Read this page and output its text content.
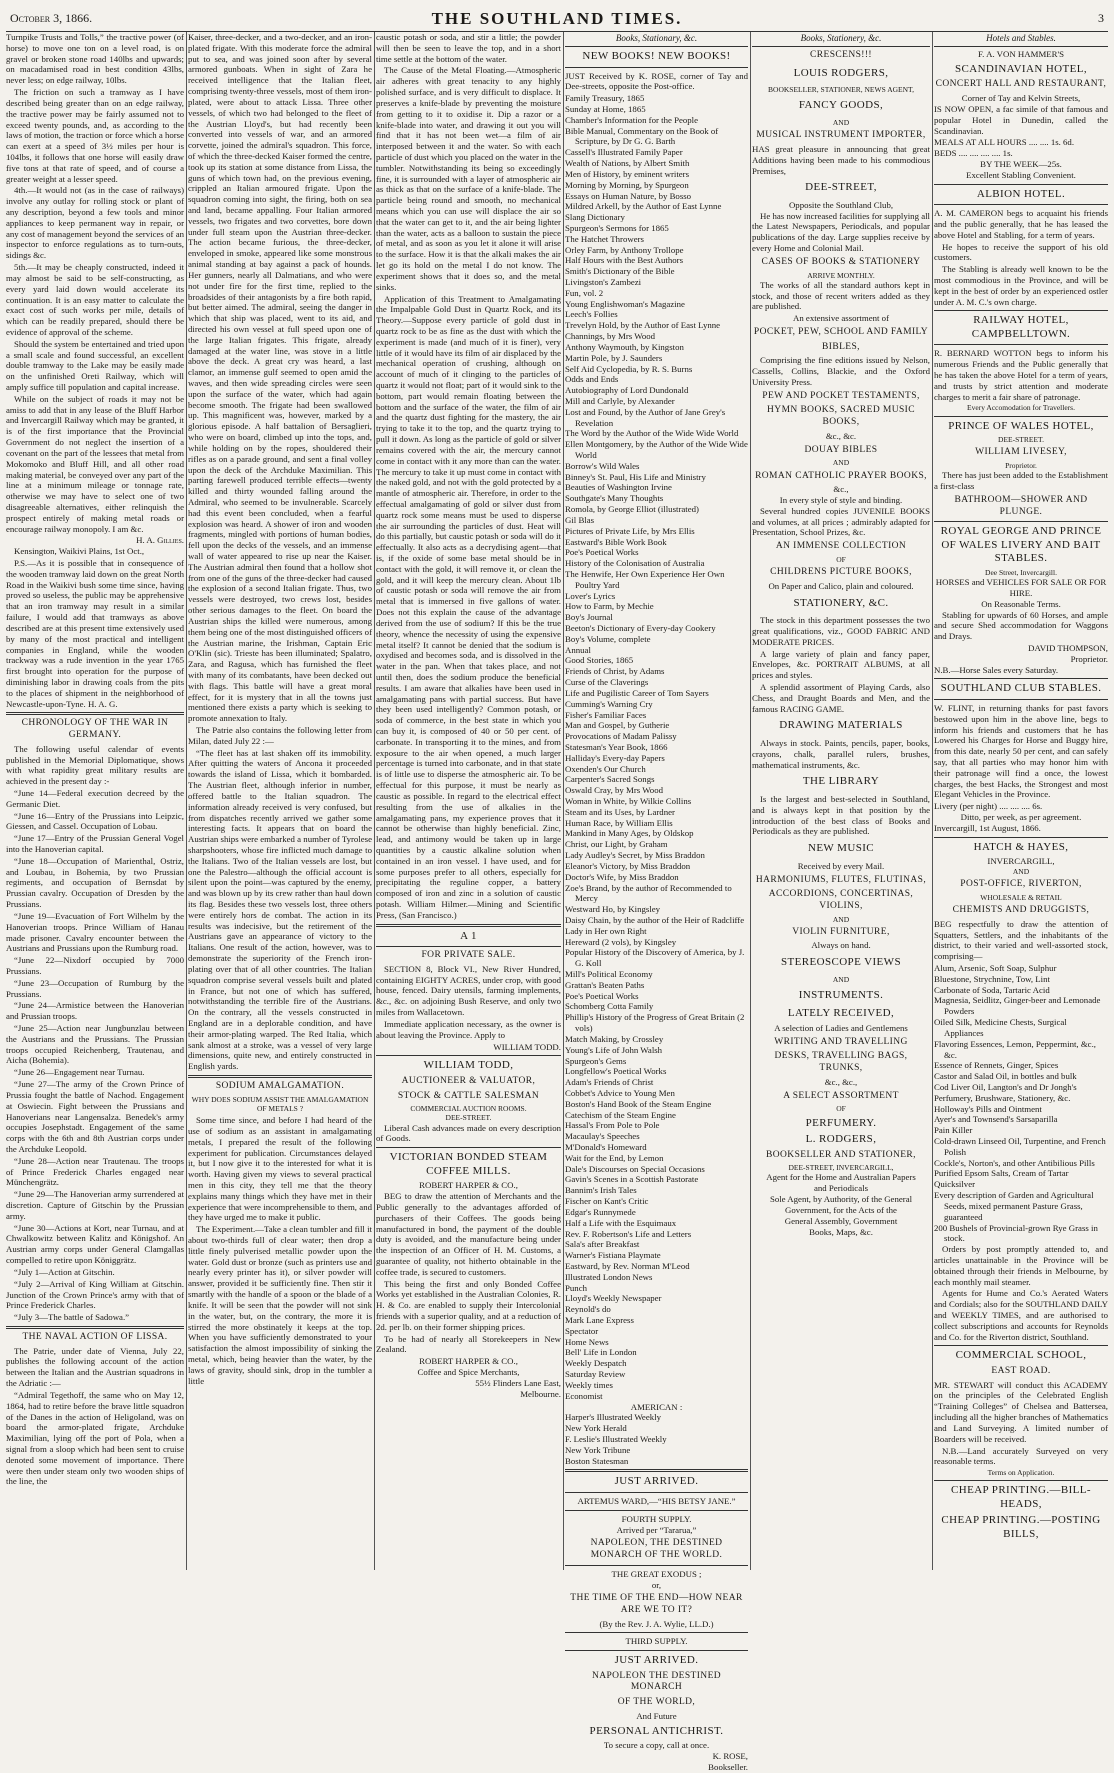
October 3, 1866.	THE SOUTHLAND TIMES.	3

Turnpike Trusts and Tolls,” the tractive power (of horse) to move one ton on a level road, is on gravel or broken stone road 140lbs and upwards; on macadamised road in best condition 43lbs, never less; on edge railway, 10lbs.

The friction on such a tramway as I have described being greater than on an edge railway, the tractive power may be fairly assumed not to exceed twenty pounds, and, as according to the laws of motion, the traction or force which a horse can exert at a speed of 3½ miles per hour is 104lbs, it follows that one horse will easily draw five tons at that rate of speed, and of course a greater weight at a lesser speed.

4th.—It would not (as in the case of railways) involve any outlay for rolling stock or plant of any description, beyond a few tools and minor appliances to keep permanent way in repair, or any cost of management beyond the services of an inspector to enforce regulations as to turn-outs, sidings &c.

5th.—It may be cheaply constructed, indeed it may almost be said to be self-constructing, as every yard laid down would accelerate its continuation. It is an easy matter to calculate the exact cost of such works per mile, details of which can be readily prepared, should there be evidence of approval of the scheme.

Should the system be entertained and tried upon a small scale and found successful, an excellent double tramway to the Lake may be easily made on the unfinished Oreti Railway, which will amply suffice till population and capital increase.

While on the subject of roads it may not be amiss to add that in any lease of the Bluff Harbor and Invercargill Railway which may be granted, it is of the first importance that the Provincial Government do not neglect the insertion of a covenant on the part of the lessees that metal from Mokomoko and Bluff Hill, and all other road making material, be conveyed over any part of the line at a minimum mileage or tonnage rate, otherwise we may have to select one of two disagreeable alternatives, either relinquish the prospect entirely of making metal roads or encourage railway monopoly. I am &c.

H. A. Gillies.

Kensington, Waikivi Plains, 1st Oct.,

P.S.—As it is possible that in consequence of the wooden tramway laid down on the great North Road in the Waikivi bush some time since, having proved so useless, the public may be apprehensive that an iron tramway may result in a similar failure, I would add that tramways as above described are at this present time extensively used by many of the most practical and intelligent companies in England, while the wooden trackway was a rude invention in the year 1765 first brought into operation for the purpose of diminishing labor in drawing coals from the pits to the places of shipment in the neighborhood of Newcastle-upon-Tyne. H. A. G.

CHRONOLOGY OF THE WAR IN GERMANY.

The following useful calendar of events published in the Memorial Diplomatique, shows with what rapidity great military results are achieved in the present day :-

“June 14—Federal execution decreed by the Germanic Diet.

“June 16—Entry of the Prussians into Leipzic, Giessen, and Cassel. Occupation of Lobau.

“June 17—Entry of the Prussian General Vogel into the Hanoverian capital.

“June 18—Occupation of Marienthal, Ostriz, and Loubau, in Bohemia, by two Prussian regiments, and occupation of Bernsdat by Prussian cavalry. Occupation of Dresden by the Prussians.

“June 19—Evacuation of Fort Wilhelm by the Hanoverian troops. Prince William of Hanau made prisoner. Cavalry encounter between the Austrians and Prussians upon the Rumburg road.

“June 22—Nixdorf occupied by 7000 Prussians.

“June 23—Occupation of Rumburg by the Prussians.

“June 24—Armistice between the Hanoverian and Prussian troops.

“June 25—Action near Jungbunzlau between the Austrians and the Prussians. The Prussian troops occupied Reichenberg, Trautenau, and Aicha (Bohemia).

“June 26—Engagement near Turnau.

“June 27—The army of the Crown Prince of Prussia fought the battle of Nachod. Engagement at Oswiecin. Fight between the Prussians and Hanoverians near Langensalza. Benedek's army occupies Josephstadt. Engagement of the same corps with the 6th and 8th Austrian corps under the Archduke Leopold.

“June 28—Action near Trautenau. The troops of Prince Frederick Charles engaged near Münchengrätz.

“June 29—The Hanoverian army surrendered at discretion. Capture of Gitschin by the Prussian army.

“June 30—Actions at Kort, near Turnau, and at Chwalkowitz between Kalitz and Königshof. An Austrian army corps under General Clamgallas compelled to retire upon Königgrätz.

“July 1—Action at Gitschin.

“July 2—Arrival of King William at Gitschin. Junction of the Crown Prince's army with that of Prince Frederick Charles.

“July 3—The battle of Sadowa.”

THE NAVAL ACTION OF LISSA.

The Patrie, under date of Vienna, July 22, publishes the following account of the action between the Italian and the Austrian squadrons in the Adriatic :—

“Admiral Tegethoff, the same who on May 12, 1864, had to retire before the brave little squadron of the Danes in the action of Heligoland, was on board the armor-plated frigate, Archduke Maximilian, lying off the port of Pola, when a signal from a sloop which had been sent to cruise denoted some movement of importance. There were then under steam only two wooden ships of the line, the

Kaiser, three-decker, and a two-decker, and an iron-plated frigate. With this moderate force the admiral put to sea, and was joined soon after by several armored gunboats. When in sight of Zara he received intelligence that the Italian fleet, comprising twenty-three vessels, most of them iron-plated, were about to attack Lissa. Three other vessels, of which two had belonged to the fleet of the Austrian Lloyd's, but had recently been converted into vessels of war, and an armored corvette, joined the admiral's squadron. This force, of which the three-decked Kaiser formed the centre, took up its station at some distance from Lissa, the guns of which town had, on the previous evening, crippled an Italian armoured frigate. Upon the squadron coming into sight, the firing, both on sea and land, became appalling. Four Italian armored vessels, two frigates and two corvettes, bore down under full steam upon the Austrian three-decker. The action became furious, the three-decker, enveloped in smoke, appeared like some monstrous animal standing at bay against a pack of hounds. Her gunners, nearly all Dalmatians, and who were not under fire for the first time, replied to the broadsides of their antagonists by a fire both rapid, but better aimed. The admiral, seeing the danger in which that ship was placed, went to its aid, and directed his own vessel at full speed upon one of the large Italian frigates. This frigate, already damaged at the water line, was stove in a little above the deck. A great cry was heard, a last clamor, an immense gulf seemed to open amid the waves, and then wide spreading circles were seen upon the surface of the water, which had again become smooth. The frigate had been swallowed up. This magnificent was, however, marked by a glorious episode. A half battalion of Bersaglieri, who were on board, climbed up into the tops, and, while holding on by the ropes, shouldered their rifles as on a parade ground, and sent a final volley upon the deck of the Archduke Maximilian. This parting farewell produced terrible effects—twenty killed and thirty wounded falling around the Admiral, who seemed to be invulnerable. Scarcely had this event been concluded, when a fearful explosion was heard. A shower of iron and wooden fragments, mingled with portions of human bodies, fell upon the decks of the vessels, and an immense wall of water appeared to rise up near the Kaiser. The Austrian admiral then found that a hollow shot from one of the guns of the three-decker had caused the explosion of a second Italian frigate. Thus, two vessels were destroyed, two crews lost, besides other serious damages to the fleet. On board the Austrian ships the killed were numerous, among them being one of the most distinguished officers of the Austrian marine, the Irishman, Captain Eric O'Klin (sic). Trieste has been illuminated; Spalatro, Zara, and Ragusa, which has furnished the fleet with many of its combatants, have been decked out with flags. This battle will have a great moral effect, for it is mystery that in all the towns just mentioned there exists a party which is seeking to promote annexation to Italy.

The Patrie also contains the following letter from Milan, dated July 22 :—

“The fleet has at last shaken off its immobility. After quitting the waters of Ancona it proceeded towards the island of Lissa, which it bombarded. The Austrian fleet, although inferior in number, offered battle to the Italian squadron. The information already received is very confused, but from dispatches recently arrived we gather some interesting facts. It appears that on board the Austrian ships were embarked a number of Tyrolese sharpshooters, whose fire inflicted much damage to the Italians. Two of the Italian vessels are lost, but one the Palestro—although the official account is silent upon the point—was captured by the enemy, and was blown up by its crew rather than haul down its flag. Besides these two vessels lost, three others were entirely hors de combat. The action in its results was indecisive, but the retirement of the Austrians gave an appearance of victory to the Italians. One result of the action, however, was to demonstrate the superiority of the French iron-plating over that of all other countries. The Italian squadron comprise several vessels built and plated in France, but not one of which has suffered, notwithstanding the terrible fire of the Austrians. On the contrary, all the vessels constructed in England are in a deplorable condition, and have their armor-plating warped. The Red Italia, which sank almost at a stroke, was a vessel of very large dimensions, quite new, and entirely constructed in English yards.

SODIUM AMALGAMATION.
WHY DOES SODIUM ASSIST THE AMALGAMATION OF METALS ?

Some time since, and before I had heard of the use of sodium as an assistant in amalgamating metals, I prepared the result of the following experiment for publication. Circumstances delayed it, but I now give it to the interested for what it is worth. Having given my views to several practical men in this city, they tell me that the theory explains many things which they have met in their experience that were incomprehensible to them, and they have urged me to make it public.

The Experiment.—Take a clean tumbler and fill it about two-thirds full of clear water; then drop a little finely pulverised metallic powder upon the water. Gold dust or bronze (such as printers use and nearly every printer has it), or silver powder will answer, provided it be sufficiently fine. Then stir it smartly with the handle of a spoon or the blade of a knife. It will be seen that the powder will not sink in the water, but, on the contrary, the more it is stirred the more obstinately it keeps at the top. When you have sufficiently demonstrated to your satisfaction the almost impossibility of sinking the metal, which, being heavier than the water, by the laws of gravity, should sink, drop in the tumbler a little

caustic potash or soda, and stir a little; the powder will then be seen to leave the top, and in a short time settle at the bottom of the water.

The Cause of the Metal Floating.—Atmospheric air adheres with great tenacity to any highly polished surface, and is very difficult to displace. It preserves a knife-blade by preventing the moisture from getting to it to oxidise it. Dip a razor or a knife-blade into water, and drawing it out you will find that it has not been wet—a film of air interposed between it and the water. So with each particle of dust which you placed on the water in the tumbler. Notwithstanding its being so exceedingly fine, it is surrounded with a layer of atmospheric air as thick as that on the surface of a knife-blade. The particle being round and smooth, no mechanical means which you can use will displace the air so that the water can get to it, and the air being lighter than the water, acts as a balloon to sustain the piece of metal, and as soon as you let it alone it will arise to the surface. How it is that the alkali makes the air let go its hold on the metal I do not know. The experiment shows that it does so, and the metal sinks.

Application of this Treatment to Amalgamating the Impalpable Gold Dust in Quartz Rock, and its Theory.—Suppose every particle of gold dust in quartz rock to be as fine as the dust with which the experiment is made (and much of it is finer), very little of it would have its film of air displaced by the mechanical operation of crushing, although on account of much of it clinging to the particles of quartz it would not float; part of it would sink to the bottom, part would remain floating between the bottom and the surface of the water, the film of air and the quartz dust fighting for the mastery, the air trying to take it to the top, and the quartz trying to pull it down. As long as the particle of gold or silver remains covered with the air, the mercury cannot come in contact with it any more than can the water. The mercury to take it up must come in contact with the naked gold, and not with the gold protected by a mantle of atmospheric air. Therefore, in order to the effectual amalgamating of gold or silver dust from quartz rock some means must be used to disperse the air surrounding the particles of dust. Heat will do this partially, but caustic potash or soda will do it effectually. It also acts as a decrydising agent—that is, if the oxide of some base metal should be in contact with the gold, it will remove it, or clean the gold, and it will keep the mercury clean. About 1lb of caustic potash or soda will remove the air from metal that is immersed in five gallons of water. Does not this explain the cause of the advantage derived from the use of sodium? If this be the true theory, whence the necessity of using the expensive metal itself? It cannot be denied that the sodium is oxydised and becomes soda, and is dissolved in the water in the pan. When that takes place, and not until then, does the sodium produce the beneficial results. I am aware that alkalies have been used in amalgamating pans with partial success. But have they been used intelligently? Common potash, or soda of commerce, in the best state in which you can buy it, is composed of 40 or 50 per cent. of carbonate. In transporting it to the mines, and from exposure to the air when opened, a much larger percentage is turned into carbonate, and in that state is of little use to disperse the atmospheric air. To be effectual for this purpose, it must be nearly as caustic as possible. In regard to the electrical effect resulting from the use of alkalies in the amalgamating pans, my experience proves that it cannot be otherwise than highly beneficial. Zinc, lead, and antimony would be taken up in large quantities by a caustic alkaline solution when contained in an iron vessel. I have used, and for some purposes prefer to all others, especially for precipitating the reguline copper, a battery composed of iron and zinc in a solution of caustic potash. William Hilmer.—Mining and Scientific Press, (San Francisco.)

A 1
FOR PRIVATE SALE.

SECTION 8, Block VI., New River Hundred, containing EIGHTY ACRES, under crop, with good house, fenced. Dairy utensils, farming implements, &c., &c. on adjoining Bush Reserve, and only two miles from Wallacetown.

Immediate application necessary, as the owner is about leaving the Province. Apply to

WILLIAM TODD.
WILLIAM TODD,
AUCTIONEER & VALUATOR,
STOCK & CATTLE SALESMAN
COMMERCIAL AUCTION ROOMS.
DEE-STREET.

Liberal Cash advances made on every description of Goods.

VICTORIAN BONDED STEAM COFFEE MILLS.
ROBERT HARPER & CO.,

BEG to draw the attention of Merchants and the Public generally to the advantages afforded of purchasers of their Coffees. The goods being manufactured in bond, the payment of the double duty is avoided, and the manufacture being under the inspection of an Officer of H. M. Customs, a guarantee of quality, not hitherto obtainable in the coffee trade, is secured to customers.

This being the first and only Bonded Coffee Works yet established in the Australian Colonies, R. H. & Co. are enabled to supply their Intercolonial friends with a superior quality, and at a reduction of 2d. per lb. on their former shipping prices.

To be had of nearly all Storekeepers in New Zealand.

ROBERT HARPER & CO.,
Coffee and Spice Merchants,
55½ Flinders Lane East,
Melbourne.
Books, Stationary, &c.
NEW BOOKS! NEW BOOKS!

JUST Received by K. ROSE, corner of Tay and Dee-streets, opposite the Post-office.

Family Treasury, 1865
Sunday at Home, 1865
Chamber's Information for the People
Bible Manual, Commentary on the Book of Scripture, by Dr G. G. Barth
Cassell's Illustrated Family Paper
Wealth of Nations, by Albert Smith
Men of History, by eminent writers
Morning by Morning, by Spurgeon
Essays on Human Nature, by Bosso
Mildred Arkell, by the Author of East Lynne
Slang Dictionary
Spurgeon's Sermons for 1865
The Hatchet Throwers
Orley Farm, by Anthony Trollope
Half Hours with the Best Authors
Smith's Dictionary of the Bible
Livingston's Zambezi
Fun, vol. 2
Young Englishwoman's Magazine
Leech's Follies
Trevelyn Hold, by the Author of East Lynne
Channings, by Mrs Wood
Anthony Waymouth, by Kingston
Martin Pole, by J. Saunders
Self Aid Cyclopedia, by R. S. Burns
Odds and Ends
Autobiography of Lord Dundonald
Mill and Carlyle, by Alexander
Lost and Found, by the Author of Jane Grey's Revelation
The Word by the Author of the Wide Wide World
Ellen Montgomery, by the Author of the Wide Wide World
Borrow's Wild Wales
Binney's St. Paul, His Life and Ministry
Beauties of Washington Irvine
Southgate's Many Thoughts
Romola, by George Elliot (illustrated)
Gil Blas
Pictures of Private Life, by Mrs Ellis
Eastward's Bible Work Book
Poe's Poetical Works
History of the Colonisation of Australia
The Henwife, Her Own Experience Her Own Poultry Yard
Lover's Lyrics
How to Farm, by Mechie
Boy's Journal
Beeton's Dictionary of Every-day Cookery
Boy's Volume, complete
Annual
Good Stories, 1865
Friends of Christ, by Adams
Curse of the Claverings
Life and Pugilistic Career of Tom Sayers
Cumming's Warning Cry
Fisher's Familiar Faces
Man and Gospel, by Gutherie
Provocations of Madam Palissy
Statesman's Year Book, 1866
Halliday's Every-day Papers
Oxenden's Our Church
Carpenter's Sacred Songs
Oswald Cray, by Mrs Wood
Woman in White, by Wilkie Collins
Steam and its Uses, by Lardner
Human Race, by William Ellis
Mankind in Many Ages, by Oldskop
Christ, our Light, by Graham
Lady Audley's Secret, by Miss Braddon
Eleanor's Victory, by Miss Braddon
Doctor's Wife, by Miss Braddon
Zoe's Brand, by the author of Recommended to Mercy
Westward Ho, by Kingsley
Daisy Chain, by the author of the Heir of Radcliffe
Lady in Her own Right
Hereward (2 vols), by Kingsley
Popular History of the Discovery of America, by J. G. Koll
Mill's Political Economy
Grattan's Beaten Paths
Poe's Poetical Works
Schomberg Cotta Family
Phillip's History of the Progress of Great Britain (2 vols)
Match Making, by Crossley
Young's Life of John Walsh
Spurgeon's Gems
Longfellow's Poetical Works
Adam's Friends of Christ
Cobbet's Advice to Young Men
Boston's Hand Book of the Steam Engine
Catechism of the Steam Engine
Hassal's From Pole to Pole
Macaulay's Speeches
M'Donald's Homeward
Wait for the End, by Lemon
Dale's Discourses on Special Occasions
Gavin's Scenes in a Scottish Pastorate
Bannim's Irish Tales
Fischer on Kant's Critic
Edgar's Runnymede
Half a Life with the Esquimaux
Rev. F. Robertson's Life and Letters
Sala's after Breakfast
Warner's Fistiana Playmate
Eastward, by Rev. Norman M'Leod
Illustrated London News
Punch
Lloyd's Weekly Newspaper
Reynold's do
Mark Lane Express
Spectator
Home News
Bell' Life in London
Weekly Despatch
Saturday Review
Weekly times
Economist
AMERICAN :
Harper's Illustrated Weekly
New York Herald
F. Leslie's Illustrated Weekly
New York Tribune
Boston Statesman
JUST ARRIVED.
ARTEMUS WARD,—“HIS BETSY JANE.”
FOURTH SUPPLY.
Arrived per “Tararua,”
NAPOLEON, THE DESTINED MONARCH OF THE WORLD.
THE GREAT EXODUS ;
or,
THE TIME OF THE END—HOW NEAR ARE WE TO IT?
(By the Rev. J. A. Wylie, LL.D.)
THIRD SUPPLY.
JUST ARRIVED.
NAPOLEON THE DESTINED MONARCH
OF THE WORLD,
And Future
PERSONAL ANTICHRIST.
To secure a copy, call at once.
K. ROSE,
Bookseller.
Books, Stationery, &c.
CRESCENS!!!
LOUIS RODGERS,
BOOKSELLER, STATIONER, NEWS AGENT,
FANCY GOODS,
AND
MUSICAL INSTRUMENT IMPORTER,

HAS great pleasure in announcing that great Additions having been made to his commodious Premises,

DEE-STREET,
Opposite the Southland Club,

He has now increased facilities for supplying all the Latest Newspapers, Periodicals, and popular publications of the day. Large supplies receive by every Home and Colonial Mail.

CASES OF BOOKS & STATIONERY
ARRIVE MONTHLY.

The works of all the standard authors kept in stock, and those of recent writers added as they are published.

An extensive assortment of
POCKET, PEW, SCHOOL AND FAMILY
BIBLES,

Comprising the fine editions issued by Nelson, Cassells, Collins, Blackie, and the Oxford University Press.

PEW AND POCKET TESTAMENTS,
HYMN BOOKS, SACRED MUSIC BOOKS,
&c., &c.
DOUAY BIBLES
AND
ROMAN CATHOLIC PRAYER BOOKS,
&c.,
In every style of style and binding.

Several hundred copies JUVENILE BOOKS and volumes, at all prices ; admirably adapted for Presentation, School Prizes, &c.

AN IMMENSE COLLECTION
OF
CHILDRENS PICTURE BOOKS,
On Paper and Calico, plain and coloured.
STATIONERY, &C.

The stock in this department possesses the two great qualifications, viz., GOOD FABRIC AND MODERATE PRICES.

A large variety of plain and fancy paper, Envelopes, &c. PORTRAIT ALBUMS, at all prices and styles.

A splendid assortment of Playing Cards, also Chess, and Draught Boards and Men, and the famous RACING GAME.

DRAWING MATERIALS

Always in stock. Paints, pencils, paper, books, crayons, chalk, parallel rulers, brushes, mathematical instruments, &c.

THE LIBRARY

Is the largest and best-selected in Southland, and is always kept in that position by the introduction of the best class of Books and Periodicals as they are published.

NEW MUSIC
Received by every Mail.
HARMONIUMS, FLUTES, FLUTINAS,
ACCORDIONS, CONCERTINAS, VIOLINS,
AND
VIOLIN FURNITURE,
Always on hand.
STEREOSCOPE VIEWS
AND
INSTRUMENTS.
LATELY RECEIVED,
A selection of Ladies and Gentlemens
WRITING AND TRAVELLING
DESKS, TRAVELLING BAGS, TRUNKS,
&c., &c.,
A SELECT ASSORTMENT
OF
PERFUMERY.
L. RODGERS,
BOOKSELLER AND STATIONER,
DEE-STREET, INVERCARGILL,
Agent for the Home and Australian Papers
and Periodicals
Sole Agent, by Authority, of the General
Government, for the Acts of the
General Assembly, Government
Books, Maps, &c.
Hotels and Stables.
F. A. VON HAMMER'S
SCANDINAVIAN HOTEL,
CONCERT HALL AND RESTAURANT,
Corner of Tay and Kelvin Streets,

IS NOW OPEN, a fac simile of that famous and popular Hotel in Dunedin, called the Scandinavian.

MEALS AT ALL HOURS .... .... 1s. 6d.
BEDS .... .... .... .... 1s.
BY THE WEEK—25s.
Excellent Stabling Convenient.
ALBION HOTEL.

A. M. CAMERON begs to acquaint his friends and the public generally, that he has leased the above Hotel and Stabling, for a term of years.

He hopes to receive the support of his old customers.

The Stabling is already well known to be the most commodious in the Province, and will be kept in the best of order by an experienced ostler under A. M. C.'s own charge.

RAILWAY HOTEL, CAMPBELLTOWN.

R. BERNARD WOTTON begs to inform his numerous Friends and the Public generally that he has taken the above Hotel for a term of years, and trusts by strict attention and moderate charges to merit a fair share of patronage.

Every Accomodation for Travellers.
PRINCE OF WALES HOTEL,
DEE-STREET.
WILLIAM LIVESEY,
Proprietor.

There has just been added to the Establishment a first-class

BATHROOM—SHOWER AND PLUNGE.
ROYAL GEORGE AND PRINCE OF WALES LIVERY AND BAIT STABLES.
Dee Street, Invercargill.
HORSES and VEHICLES FOR SALE OR FOR HIRE.
On Reasonable Terms.

Stabling for upwards of 60 Horses, and ample and secure Shed accommodation for Waggons and Drays.

DAVID THOMPSON,
Proprietor.
N.B.—Horse Sales every Saturday.
SOUTHLAND CLUB STABLES.

W. FLINT, in returning thanks for past favors bestowed upon him in the above line, begs to inform his friends and customers that he has Lowered his Charges for Horse and Buggy hire, from this date, nearly 50 per cent, and can safely say, that all parties who may honor him with their patronage will find a once, the lowest charges, the best Hacks, the Strongest and most Elegant Vehicles in the Province.

Livery (per night) .... .... .... 6s.
Ditto, per week, as per agreement.
Invercargill, 1st August, 1866.
HATCH & HAYES,
INVERCARGILL,
AND
POST-OFFICE, RIVERTON,
WHOLESALE & RETAIL
CHEMISTS AND DRUGGISTS,

BEG respectfully to draw the attention of Squatters, Settlers, and the inhabitants of the district, to their varied and well-assorted stock, comprising—

Alum, Arsenic, Soft Soap, Sulphur
Bluestone, Strychnine, Tow, Lint
Carbonate of Soda, Tartaric Acid
Magnesia, Seidlitz, Ginger-beer and Lemonade Powders
Oiled Silk, Medicine Chests, Surgical Appliances
Flavoring Essences, Lemon, Peppermint, &c., &c.
Essence of Rennets, Ginger, Spices
Castor and Salad Oil, in bottles and bulk
Cod Liver Oil, Langton's and Dr Jongh's
Perfumery, Brushware, Stationery, &c.
Holloway's Pills and Ointment
Ayer's and Townsend's Sarsaparilla
Pain Killer
Cold-drawn Linseed Oil, Turpentine, and French Polish
Cockle's, Norton's, and other Antibilious Pills
Purified Epsom Salts, Cream of Tartar
Quicksilver
Every description of Garden and Agricultural Seeds, mixed permanent Pasture Grass, guaranteed
200 Bushels of Provincial-grown Rye Grass in stock.

Orders by post promptly attended to, and articles unattainable in the Province will be obtained through their friends in Melbourne, by each monthly mail steamer.

Agents for Hume and Co.'s Aerated Waters and Cordials; also for the SOUTHLAND DAILY and WEEKLY TIMES, and are authorised to collect subscriptions and accounts for Reynolds and Co. for the Riverton district, Southland.

COMMERCIAL SCHOOL,
EAST ROAD.

MR. STEWART will conduct this ACADEMY on the principles of the Celebrated English “Training Colleges” of Chelsea and Battersea, including all the higher branches of Mathematics and Land Surveying. A limited number of Boarders will be received.

N.B.—Land accurately Surveyed on very reasonable terms.

Terms on Application.
CHEAP PRINTING.—BILL-HEADS,
CHEAP PRINTING.—POSTING BILLS,
